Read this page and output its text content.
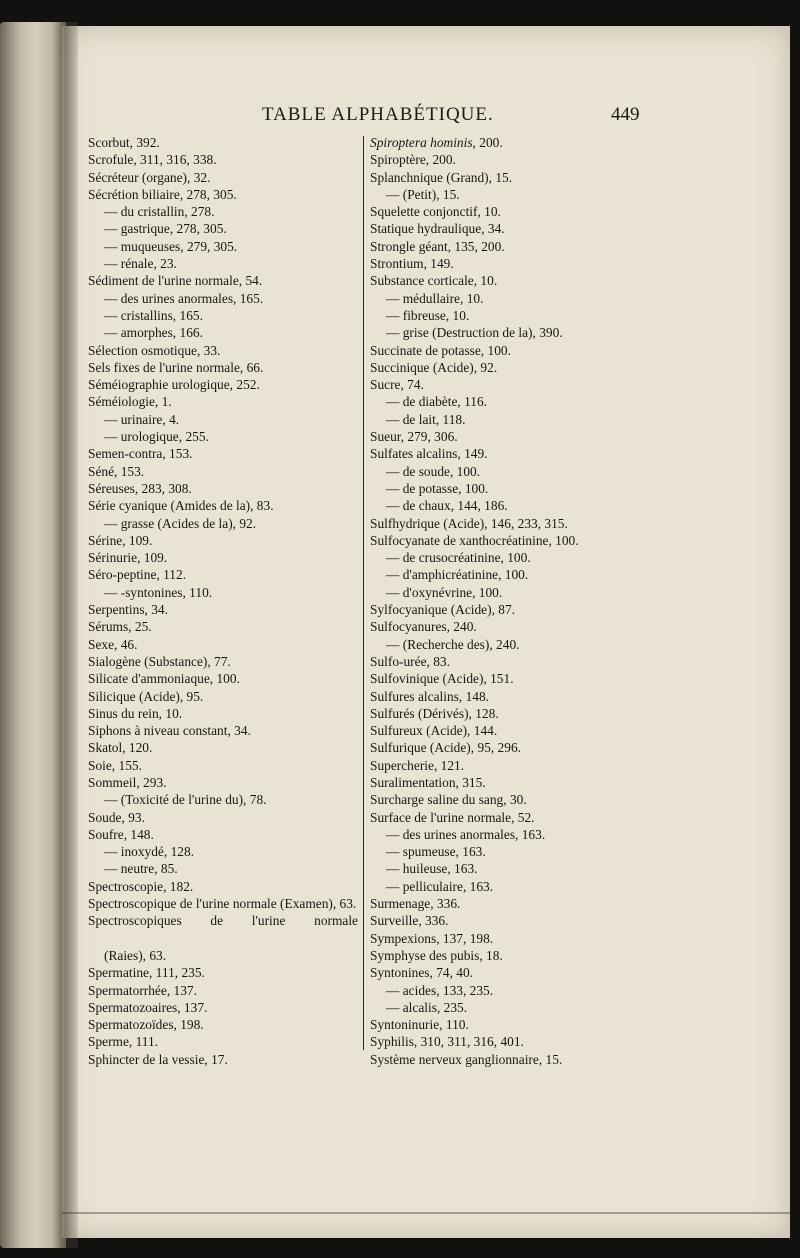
TABLE ALPHABÉTIQUE.	449
Scorbut, 392.
Scrofule, 311, 316, 338.
Sécréteur (organe), 32.
Sécrétion biliaire, 278, 305.
— du cristallin, 278.
— gastrique, 278, 305.
— muqueuses, 279, 305.
— rénale, 23.
Sédiment de l'urine normale, 54.
— des urines anormales, 165.
— cristallins, 165.
— amorphes, 166.
Sélection osmotique, 33.
Sels fixes de l'urine normale, 66.
Séméiographie urologique, 252.
Séméiologie, 1.
— urinaire, 4.
— urologique, 255.
Semen-contra, 153.
Séné, 153.
Séreuses, 283, 308.
Série cyanique (Amides de la), 83.
— grasse (Acides de la), 92.
Sérine, 109.
Sérinurie, 109.
Séro-peptine, 112.
— -syntonines, 110.
Serpentins, 34.
Sérums, 25.
Sexe, 46.
Sialogène (Substance), 77.
Silicate d'ammoniaque, 100.
Silicique (Acide), 95.
Sinus du rein, 10.
Siphons à niveau constant, 34.
Skatol, 120.
Soie, 155.
Sommeil, 293.
— (Toxicité de l'urine du), 78.
Soude, 93.
Soufre, 148.
— inoxydé, 128.
— neutre, 85.
Spectroscopie, 182.
Spectroscopique de l'urine normale (Examen), 63.
Spectroscopiques de l'urine normale
(Raies), 63.
Spermatine, 111, 235.
Spermatorrhée, 137.
Spermatozoaires, 137.
Spermatozoïdes, 198.
Sperme, 111.
Sphincter de la vessie, 17.
Spiroptera hominis, 200.
Spiroptère, 200.
Splanchnique (Grand), 15.
— (Petit), 15.
Squelette conjonctif, 10.
Statique hydraulique, 34.
Strongle géant, 135, 200.
Strontium, 149.
Substance corticale, 10.
— médullaire, 10.
— fibreuse, 10.
— grise (Destruction de la), 390.
Succinate de potasse, 100.
Succinique (Acide), 92.
Sucre, 74.
— de diabète, 116.
— de lait, 118.
Sueur, 279, 306.
Sulfates alcalins, 149.
— de soude, 100.
— de potasse, 100.
— de chaux, 144, 186.
Sulfhydrique (Acide), 146, 233, 315.
Sulfocyanate de xanthocréatinine, 100.
— de crusocréatinine, 100.
— d'amphicréatinine, 100.
— d'oxynévrine, 100.
Sylfocyanique (Acide), 87.
Sulfocyanures, 240.
— (Recherche des), 240.
Sulfo-urée, 83.
Sulfovinique (Acide), 151.
Sulfures alcalins, 148.
Sulfurés (Dérivés), 128.
Sulfureux (Acide), 144.
Sulfurique (Acide), 95, 296.
Supercherie, 121.
Suralimentation, 315.
Surcharge saline du sang, 30.
Surface de l'urine normale, 52.
— des urines anormales, 163.
— spumeuse, 163.
— huileuse, 163.
— pelliculaire, 163.
Surmenage, 336.
Surveille, 336.
Sympexions, 137, 198.
Symphyse des pubis, 18.
Syntonines, 74, 40.
— acides, 133, 235.
— alcalis, 235.
Syntoninurie, 110.
Syphilis, 310, 311, 316, 401.
Système nerveux ganglionnaire, 15.
